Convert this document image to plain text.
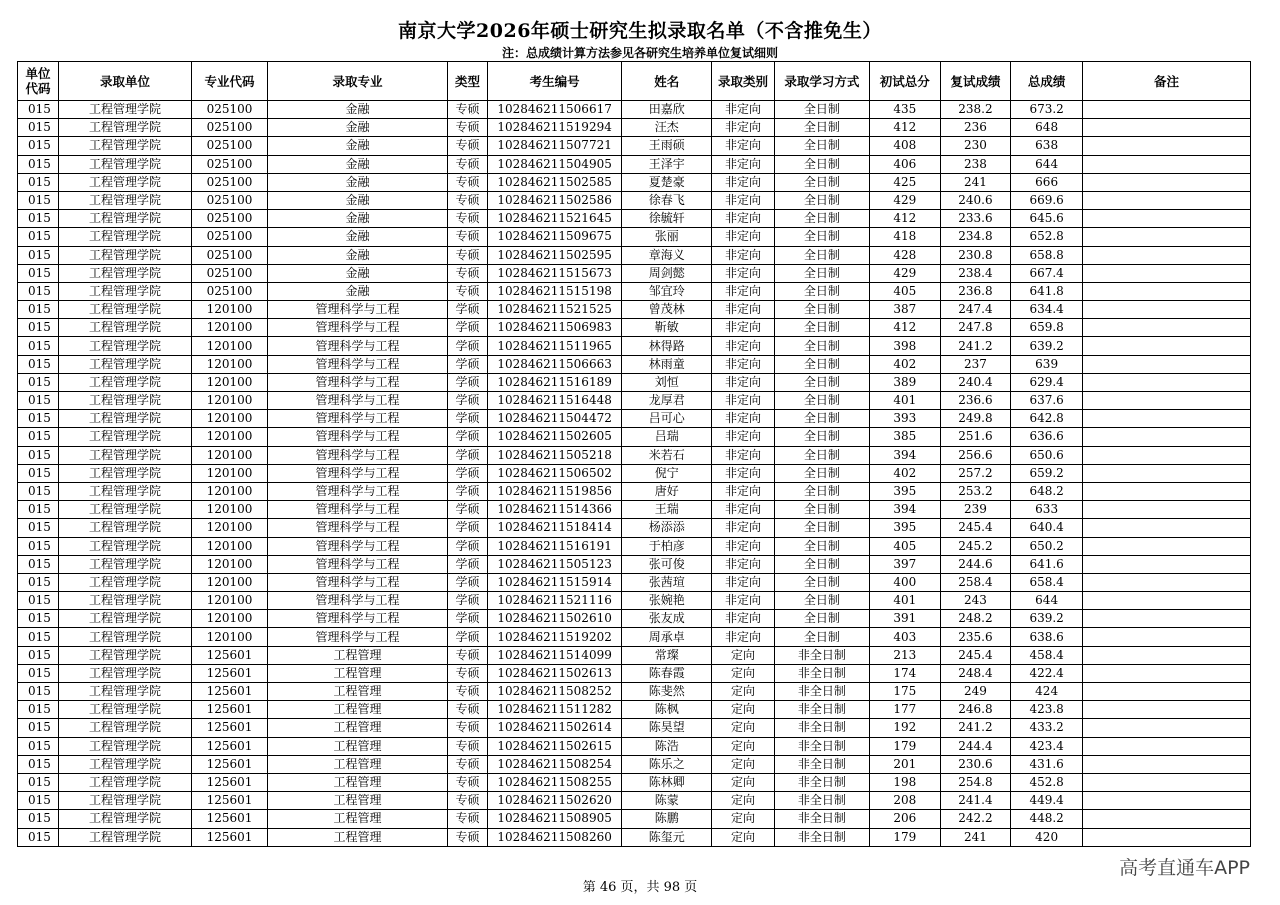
南京大学2026年硕士研究生拟录取名单（不含推免生）
注：总成绩计算方法参见各研究生培养单位复试细则
单位代码	录取单位	专业代码	录取专业	类型	考生编号	姓名	录取类别	录取学习方式	初试总分	复试成绩	总成绩	备注
015	工程管理学院	025100	金融	专硕	102846211506617	田嘉欣	非定向	全日制	435	238.2	673.2	
015	工程管理学院	025100	金融	专硕	102846211519294	汪杰	非定向	全日制	412	236	648	
015	工程管理学院	025100	金融	专硕	102846211507721	王雨硕	非定向	全日制	408	230	638	
015	工程管理学院	025100	金融	专硕	102846211504905	王泽宇	非定向	全日制	406	238	644	
015	工程管理学院	025100	金融	专硕	102846211502585	夏楚豪	非定向	全日制	425	241	666	
015	工程管理学院	025100	金融	专硕	102846211502586	徐春飞	非定向	全日制	429	240.6	669.6	
015	工程管理学院	025100	金融	专硕	102846211521645	徐毓轩	非定向	全日制	412	233.6	645.6	
015	工程管理学院	025100	金融	专硕	102846211509675	张丽	非定向	全日制	418	234.8	652.8	
015	工程管理学院	025100	金融	专硕	102846211502595	章海义	非定向	全日制	428	230.8	658.8	
015	工程管理学院	025100	金融	专硕	102846211515673	周剑懿	非定向	全日制	429	238.4	667.4	
015	工程管理学院	025100	金融	专硕	102846211515198	邹宜玲	非定向	全日制	405	236.8	641.8	
015	工程管理学院	120100	管理科学与工程	学硕	102846211521525	曾茂林	非定向	全日制	387	247.4	634.4	
015	工程管理学院	120100	管理科学与工程	学硕	102846211506983	靳敏	非定向	全日制	412	247.8	659.8	
015	工程管理学院	120100	管理科学与工程	学硕	102846211511965	林得路	非定向	全日制	398	241.2	639.2	
015	工程管理学院	120100	管理科学与工程	学硕	102846211506663	林雨童	非定向	全日制	402	237	639	
015	工程管理学院	120100	管理科学与工程	学硕	102846211516189	刘恒	非定向	全日制	389	240.4	629.4	
015	工程管理学院	120100	管理科学与工程	学硕	102846211516448	龙厚君	非定向	全日制	401	236.6	637.6	
015	工程管理学院	120100	管理科学与工程	学硕	102846211504472	吕可心	非定向	全日制	393	249.8	642.8	
015	工程管理学院	120100	管理科学与工程	学硕	102846211502605	吕瑞	非定向	全日制	385	251.6	636.6	
015	工程管理学院	120100	管理科学与工程	学硕	102846211505218	米若石	非定向	全日制	394	256.6	650.6	
015	工程管理学院	120100	管理科学与工程	学硕	102846211506502	倪宁	非定向	全日制	402	257.2	659.2	
015	工程管理学院	120100	管理科学与工程	学硕	102846211519856	唐好	非定向	全日制	395	253.2	648.2	
015	工程管理学院	120100	管理科学与工程	学硕	102846211514366	王瑞	非定向	全日制	394	239	633	
015	工程管理学院	120100	管理科学与工程	学硕	102846211518414	杨添添	非定向	全日制	395	245.4	640.4	
015	工程管理学院	120100	管理科学与工程	学硕	102846211516191	于柏彦	非定向	全日制	405	245.2	650.2	
015	工程管理学院	120100	管理科学与工程	学硕	102846211505123	张可俊	非定向	全日制	397	244.6	641.6	
015	工程管理学院	120100	管理科学与工程	学硕	102846211515914	张茜瑄	非定向	全日制	400	258.4	658.4	
015	工程管理学院	120100	管理科学与工程	学硕	102846211521116	张婉艳	非定向	全日制	401	243	644	
015	工程管理学院	120100	管理科学与工程	学硕	102846211502610	张友成	非定向	全日制	391	248.2	639.2	
015	工程管理学院	120100	管理科学与工程	学硕	102846211519202	周承卓	非定向	全日制	403	235.6	638.6	
015	工程管理学院	125601	工程管理	专硕	102846211514099	常璨	定向	非全日制	213	245.4	458.4	
015	工程管理学院	125601	工程管理	专硕	102846211502613	陈春霞	定向	非全日制	174	248.4	422.4	
015	工程管理学院	125601	工程管理	专硕	102846211508252	陈斐然	定向	非全日制	175	249	424	
015	工程管理学院	125601	工程管理	专硕	102846211511282	陈枫	定向	非全日制	177	246.8	423.8	
015	工程管理学院	125601	工程管理	专硕	102846211502614	陈昊望	定向	非全日制	192	241.2	433.2	
015	工程管理学院	125601	工程管理	专硕	102846211502615	陈浩	定向	非全日制	179	244.4	423.4	
015	工程管理学院	125601	工程管理	专硕	102846211508254	陈乐之	定向	非全日制	201	230.6	431.6	
015	工程管理学院	125601	工程管理	专硕	102846211508255	陈林卿	定向	非全日制	198	254.8	452.8	
015	工程管理学院	125601	工程管理	专硕	102846211502620	陈蒙	定向	非全日制	208	241.4	449.4	
015	工程管理学院	125601	工程管理	专硕	102846211508905	陈鹏	定向	非全日制	206	242.2	448.2	
015	工程管理学院	125601	工程管理	专硕	102846211508260	陈玺元	定向	非全日制	179	241	420	
第 46 页，共 98 页
高考直通车APP
